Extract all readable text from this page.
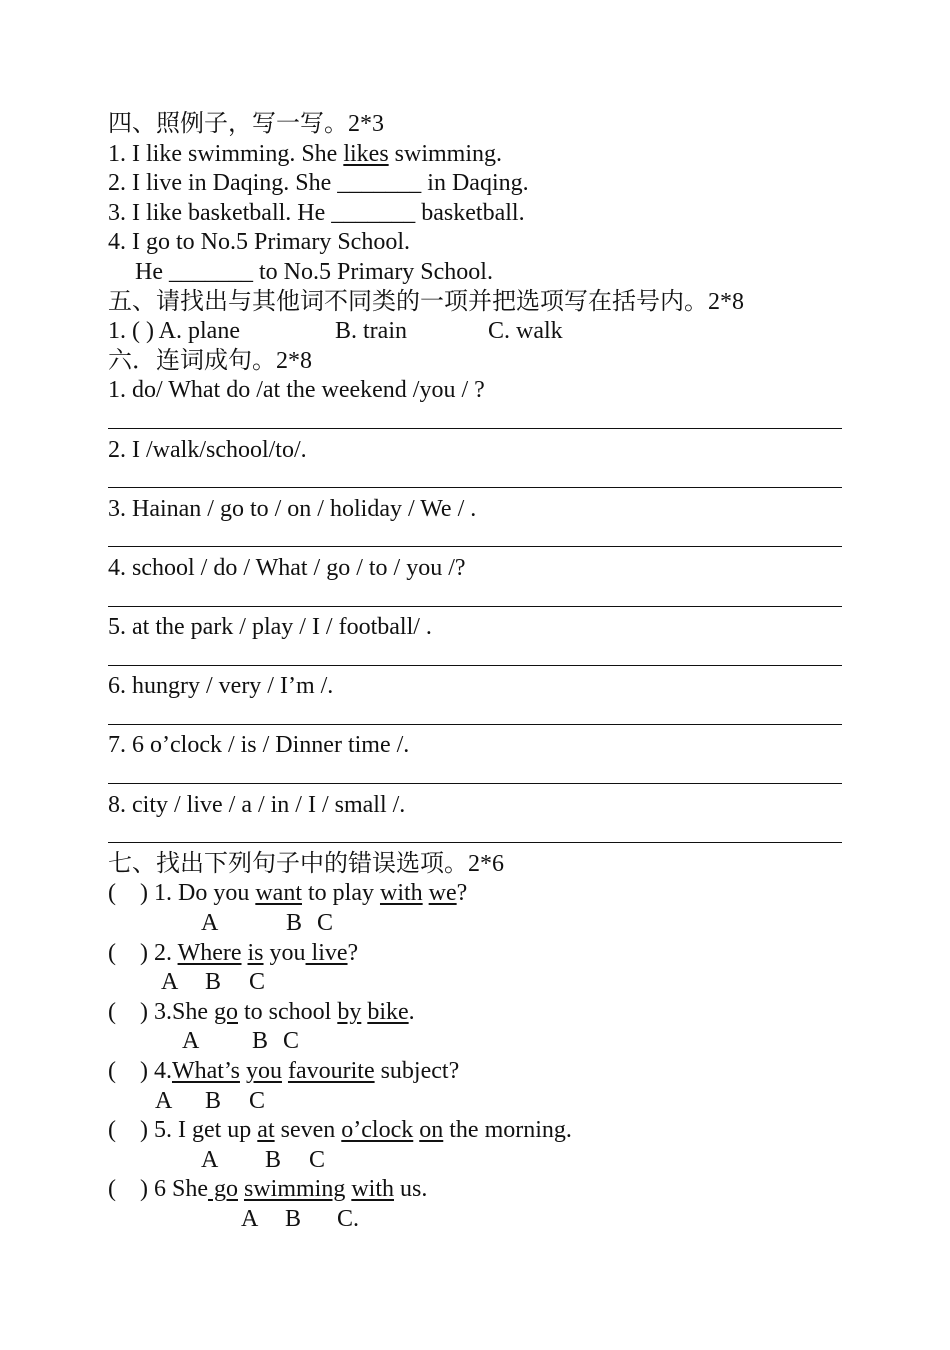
四、照例子，写一写。2*3
1. I like swimming. She likes swimming.
2. I live in Daqing. She _______ in Daqing.
3. I like basketball. He _______ basketball.
4. I go to No.5 Primary School.
He _______ to No.5 Primary School.
五、请找出与其他词不同类的一项并把选项写在括号内。2*8
1. ( ) A. plane	B. train	C. walk
六．连词成句。2*8
1. do/ What do /at the weekend /you / ?
2. I /walk/school/to/.
3. Hainan / go to / on / holiday / We / .
4. school / do / What / go / to / you /?
5. at the park / play / I / football/ .
6. hungry / very / I’m /.
7. 6 o’clock / is / Dinner time /.
8. city / live / a / in / I / small /.
七、找出下列句子中的错误选项。2*6
(    ) 1. Do you want to play with we?
A	B C
(    ) 2. Where is you live?
A B C
(    ) 3.She go to school by bike.
A B C
(    ) 4.What’s you favourite subject?
A B C
(    ) 5. I get up at seven o’clock on the morning.
A B C
(    ) 6 She go swimming with us.
A B C.
